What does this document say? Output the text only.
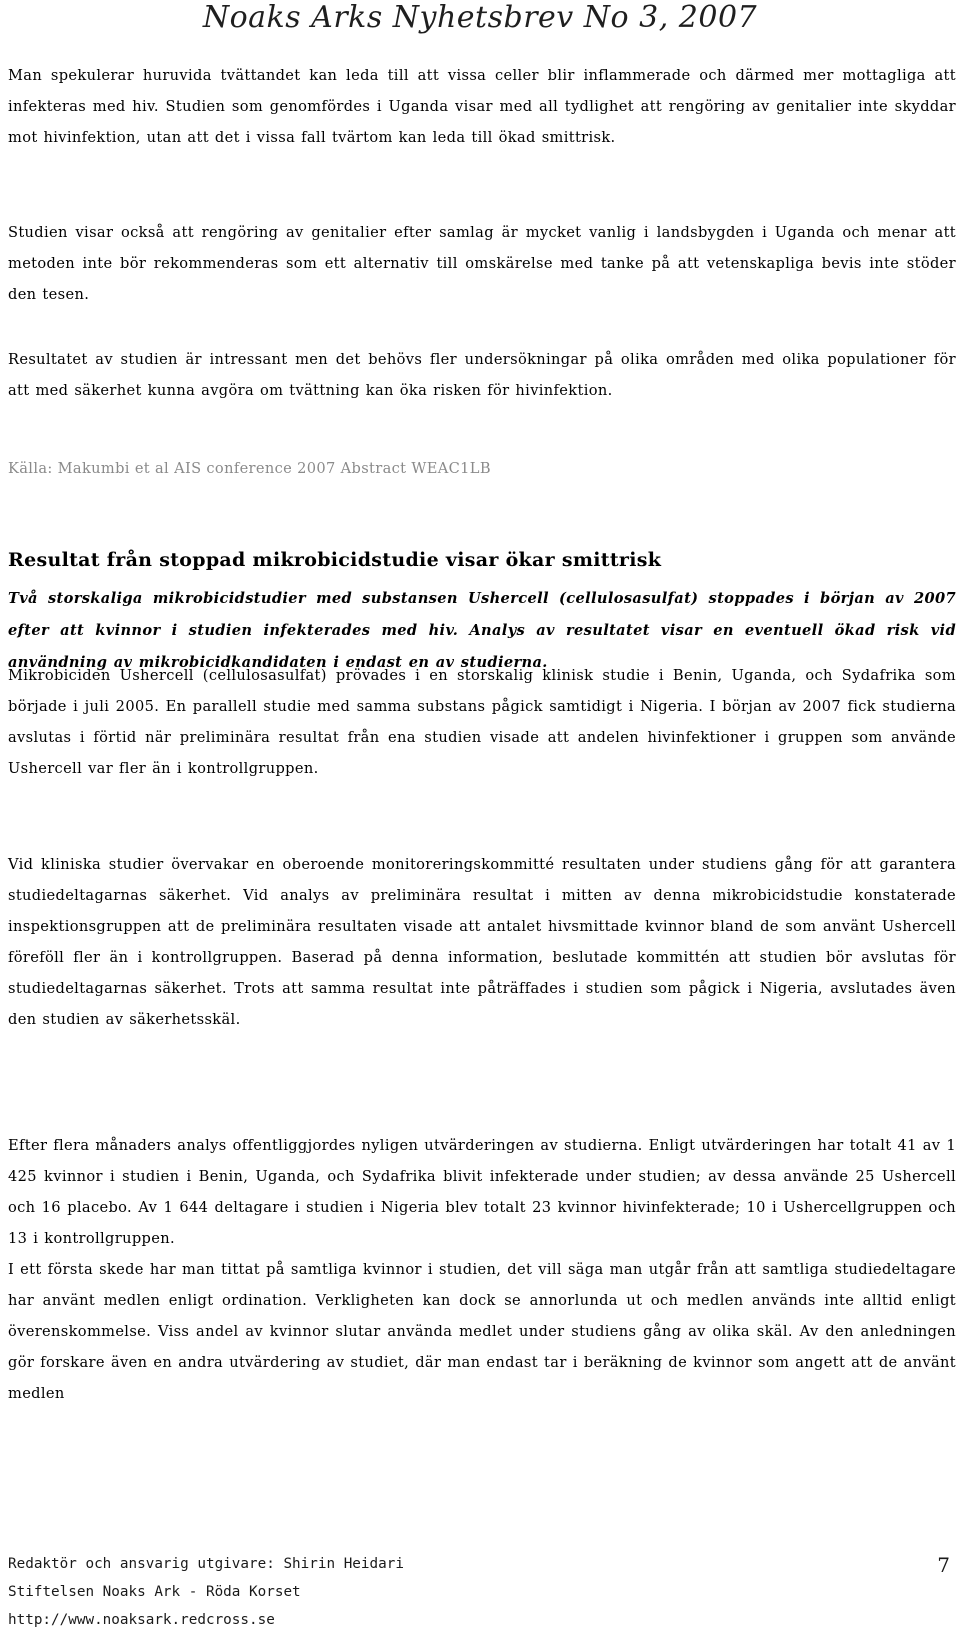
Noaks Arks Nyhetsbrev No 3, 2007

Man spekulerar huruvida tvättandet kan leda till att vissa celler blir inflammerade och därmed mer mottagliga att infekteras med hiv. Studien som genomfördes i Uganda visar med all tydlighet att rengöring av genitalier inte skyddar mot hivinfektion, utan att det i vissa fall tvärtom kan leda till ökad smittrisk.

Studien visar också att rengöring av genitalier efter samlag är mycket vanlig i landsbygden i Uganda och menar att metoden inte bör rekommenderas som ett alternativ till omskärelse med tanke på att vetenskapliga bevis inte stöder den tesen.

Resultatet av studien är intressant men det behövs fler undersökningar på olika områden med olika populationer för att med säkerhet kunna avgöra om tvättning kan öka risken för hivinfektion.

Källa: Makumbi et al AIS conference 2007 Abstract WEAC1LB
Resultat från stoppad mikrobicidstudie visar ökar smittrisk

Två storskaliga mikrobicidstudier med substansen Ushercell (cellulosasulfat) stoppades i början av 2007 efter att kvinnor i studien infekterades med hiv. Analys av resultatet visar en eventuell ökad risk vid användning av mikrobicidkandidaten i endast en av studierna.

Mikrobiciden Ushercell (cellulosasulfat) prövades i en storskalig klinisk studie i Benin, Uganda, och Sydafrika som började i juli 2005. En parallell studie med samma substans pågick samtidigt i Nigeria. I början av 2007 fick studierna avslutas i förtid när preliminära resultat från ena studien visade att andelen hivinfektioner i gruppen som använde Ushercell var fler än i kontrollgruppen.

Vid kliniska studier övervakar en oberoende monitoreringskommitté resultaten under studiens gång för att garantera studiedeltagarnas säkerhet. Vid analys av preliminära resultat i mitten av denna mikrobicidstudie konstaterade inspektionsgruppen att de preliminära resultaten visade att antalet hivsmittade kvinnor bland de som använt Ushercell föreföll fler än i kontrollgruppen. Baserad på denna information, beslutade kommittén att studien bör avslutas för studiedeltagarnas säkerhet. Trots att samma resultat inte påträffades i studien som pågick i Nigeria, avslutades även den studien av säkerhetsskäl.

Efter flera månaders analys offentliggjordes nyligen utvärderingen av studierna. Enligt utvärderingen har totalt 41 av 1 425 kvinnor i studien i Benin, Uganda, och Sydafrika blivit infekterade under studien; av dessa använde 25 Ushercell och 16 placebo. Av 1 644 deltagare i studien i Nigeria blev totalt 23 kvinnor hivinfekterade; 10 i Ushercellgruppen och 13 i kontrollgruppen.

I ett första skede har man tittat på samtliga kvinnor i studien, det vill säga man utgår från att samtliga studiedeltagare har använt medlen enligt ordination. Verkligheten kan dock se annorlunda ut och medlen används inte alltid enligt överenskommelse. Viss andel av kvinnor slutar använda medlet under studiens gång av olika skäl. Av den anledningen gör forskare även en andra utvärdering av studiet, där man endast tar i beräkning de kvinnor som angett att de använt medlen

Redaktör och ansvarig utgivare: Shirin Heidari
Stiftelsen Noaks Ark - Röda Korset
http://www.noaksark.redcross.se
7
